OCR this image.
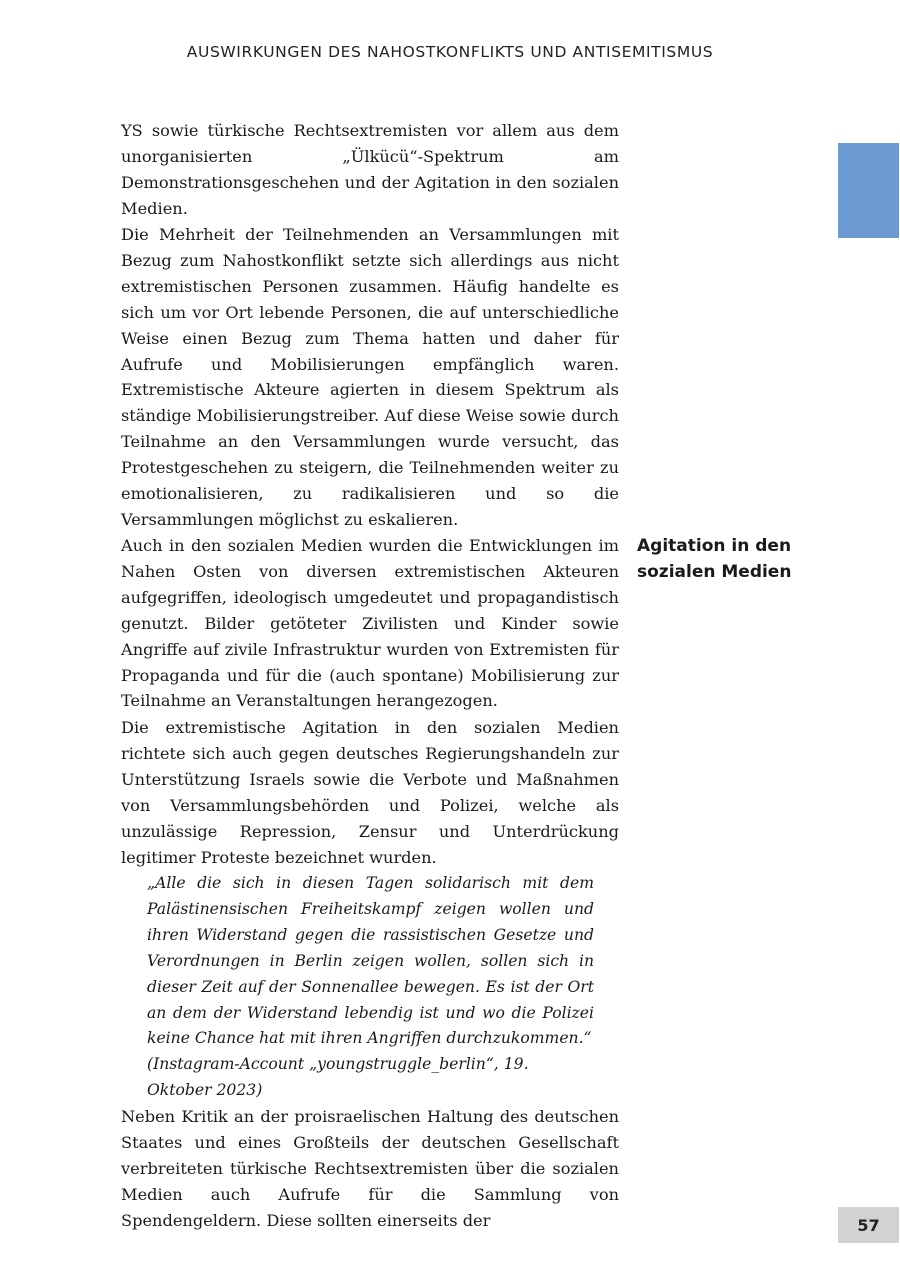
AUSWIRKUNGEN DES NAHOSTKONFLIKTS UND ANTISEMITISMUS

YS sowie türkische Rechtsextremisten vor allem aus dem unorganisierten „Ülkücü“-Spektrum am Demonstrationsgeschehen und der Agitation in den sozialen Medien.

Die Mehrheit der Teilnehmenden an Versammlungen mit Bezug zum Nahostkonflikt setzte sich allerdings aus nicht extremistischen Personen zusammen. Häufig handelte es sich um vor Ort lebende Personen, die auf unterschiedliche Weise einen Bezug zum Thema hatten und daher für Aufrufe und Mobilisierungen empfänglich waren. Extremistische Akteure agierten in diesem Spektrum als ständige Mobilisierungstreiber. Auf diese Weise sowie durch Teilnahme an den Versammlungen wurde versucht, das Protestgeschehen zu steigern, die Teilnehmenden weiter zu emotionalisieren, zu radikalisieren und so die Versammlungen möglichst zu eskalieren.

Auch in den sozialen Medien wurden die Entwicklungen im Nahen Osten von diversen extremistischen Akteuren aufgegriffen, ideologisch umgedeutet und propagandistisch genutzt. Bilder getöteter Zivilisten und Kinder sowie Angriffe auf zivile Infrastruktur wurden von Extremisten für Propaganda und für die (auch spontane) Mobilisierung zur Teilnahme an Veranstaltungen herangezogen.

Agitation in den sozialen Medien

Die extremistische Agitation in den sozialen Medien richtete sich auch gegen deutsches Regierungshandeln zur Unterstützung Israels sowie die Verbote und Maßnahmen von Versammlungsbehörden und Polizei, welche als unzulässige Repression, Zensur und Unterdrückung legitimer Proteste bezeichnet wurden.

„Alle die sich in diesen Tagen solidarisch mit dem Palästinensischen Freiheitskampf zeigen wollen und ihren Widerstand gegen die rassistischen Gesetze und Verordnungen in Berlin zeigen wollen, sollen sich in dieser Zeit auf der Sonnenallee bewegen. Es ist der Ort an dem der Widerstand lebendig ist und wo die Polizei keine Chance hat mit ihren Angriffen durchzukommen.“

(Instagram-Account „youngstruggle_berlin“, 19. Oktober 2023)

Neben Kritik an der proisraelischen Haltung des deutschen Staates und eines Großteils der deutschen Gesellschaft verbreiteten türkische Rechtsextremisten über die sozialen Medien auch Aufrufe für die Sammlung von Spendengeldern. Diese sollten einerseits der	57
